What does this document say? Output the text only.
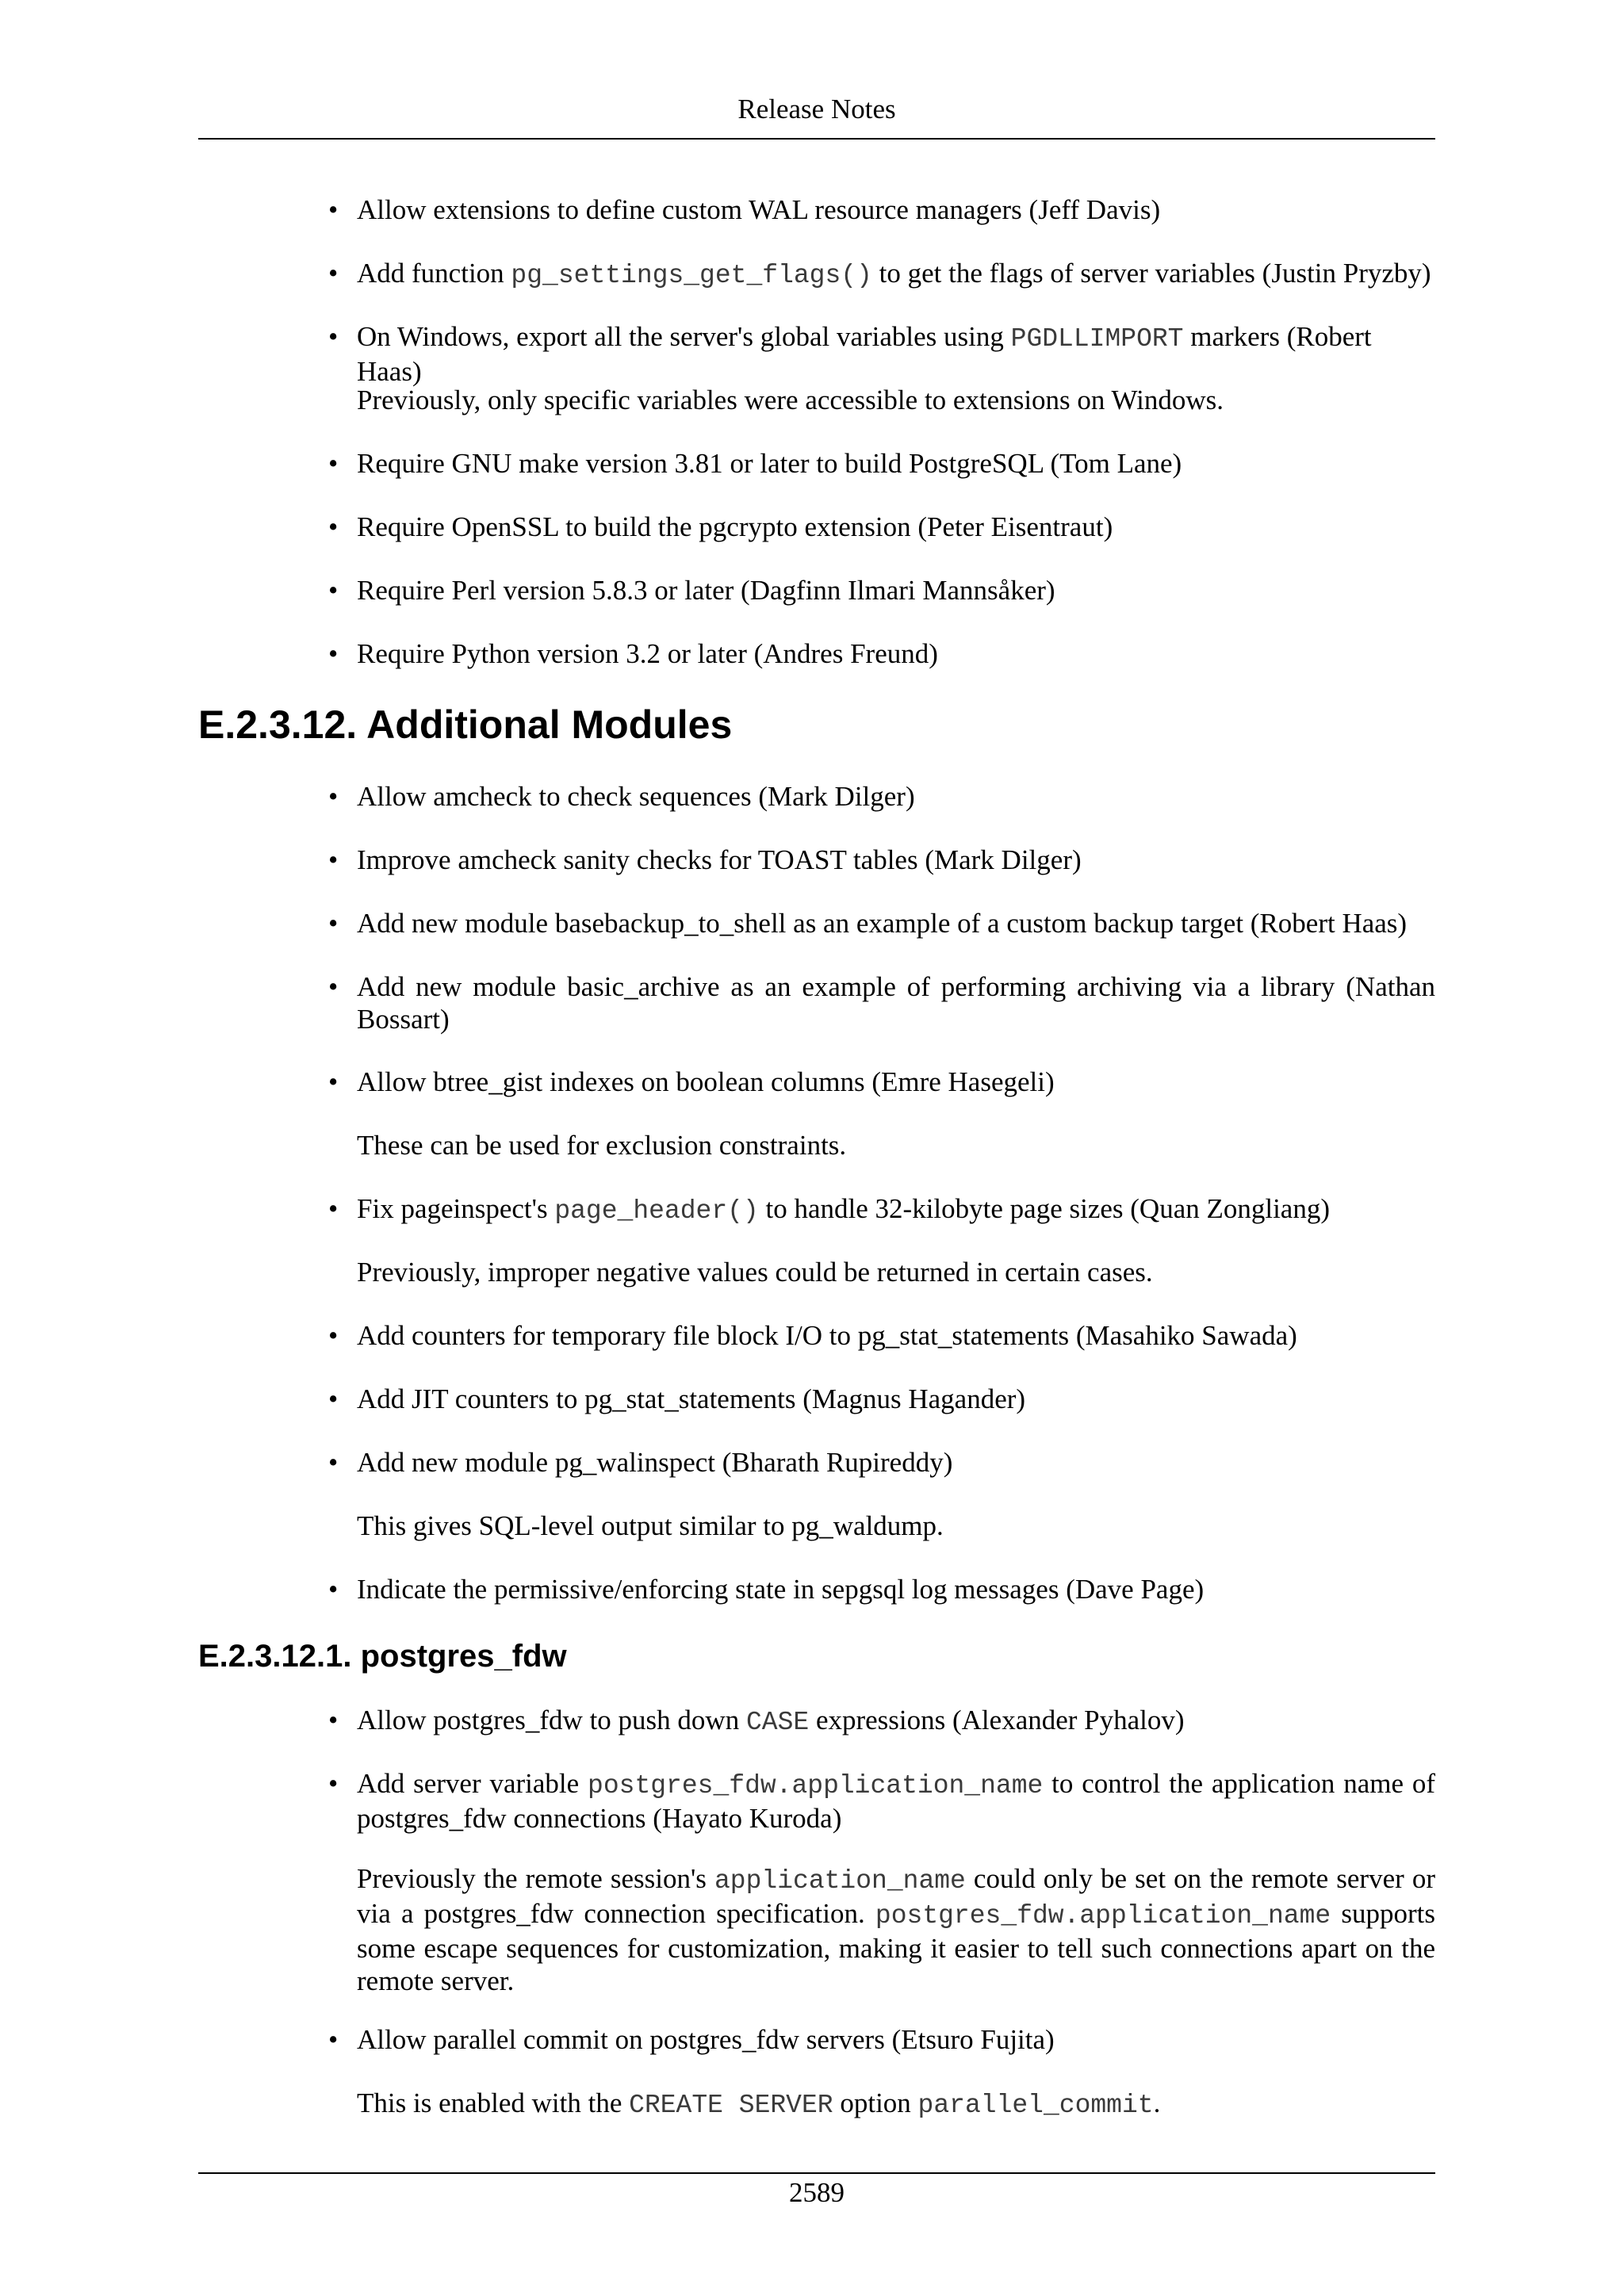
Release Notes

• Allow extensions to define custom WAL resource managers (Jeff Davis)

• Add function pg_settings_get_flags() to get the flags of server variables (Justin Pryzby)

• On Windows, export all the server's global variables using PGDLLIMPORT markers (Robert Haas)

Previously, only specific variables were accessible to extensions on Windows.

• Require GNU make version 3.81 or later to build PostgreSQL (Tom Lane)

• Require OpenSSL to build the pgcrypto extension (Peter Eisentraut)

• Require Perl version 5.8.3 or later (Dagfinn Ilmari Mannsåker)

• Require Python version 3.2 or later (Andres Freund)

E.2.3.12. Additional Modules

• Allow amcheck to check sequences (Mark Dilger)

• Improve amcheck sanity checks for TOAST tables (Mark Dilger)

• Add new module basebackup_to_shell as an example of a custom backup target (Robert Haas)

• Add new module basic_archive as an example of performing archiving via a library (Nathan Bossart)

• Allow btree_gist indexes on boolean columns (Emre Hasegeli)

These can be used for exclusion constraints.

• Fix pageinspect's page_header() to handle 32-kilobyte page sizes (Quan Zongliang)

Previously, improper negative values could be returned in certain cases.

• Add counters for temporary file block I/O to pg_stat_statements (Masahiko Sawada)

• Add JIT counters to pg_stat_statements (Magnus Hagander)

• Add new module pg_walinspect (Bharath Rupireddy)

This gives SQL-level output similar to pg_waldump.

• Indicate the permissive/enforcing state in sepgsql log messages (Dave Page)

E.2.3.12.1. postgres_fdw

• Allow postgres_fdw to push down CASE expressions (Alexander Pyhalov)

• Add server variable postgres_fdw.application_name to control the application name of postgres_fdw connections (Hayato Kuroda)

Previously the remote session's application_name could only be set on the remote server or via a postgres_fdw connection specification. postgres_fdw.application_name supports some escape sequences for customization, making it easier to tell such connections apart on the remote server.

• Allow parallel commit on postgres_fdw servers (Etsuro Fujita)

This is enabled with the CREATE SERVER option parallel_commit.

2589
